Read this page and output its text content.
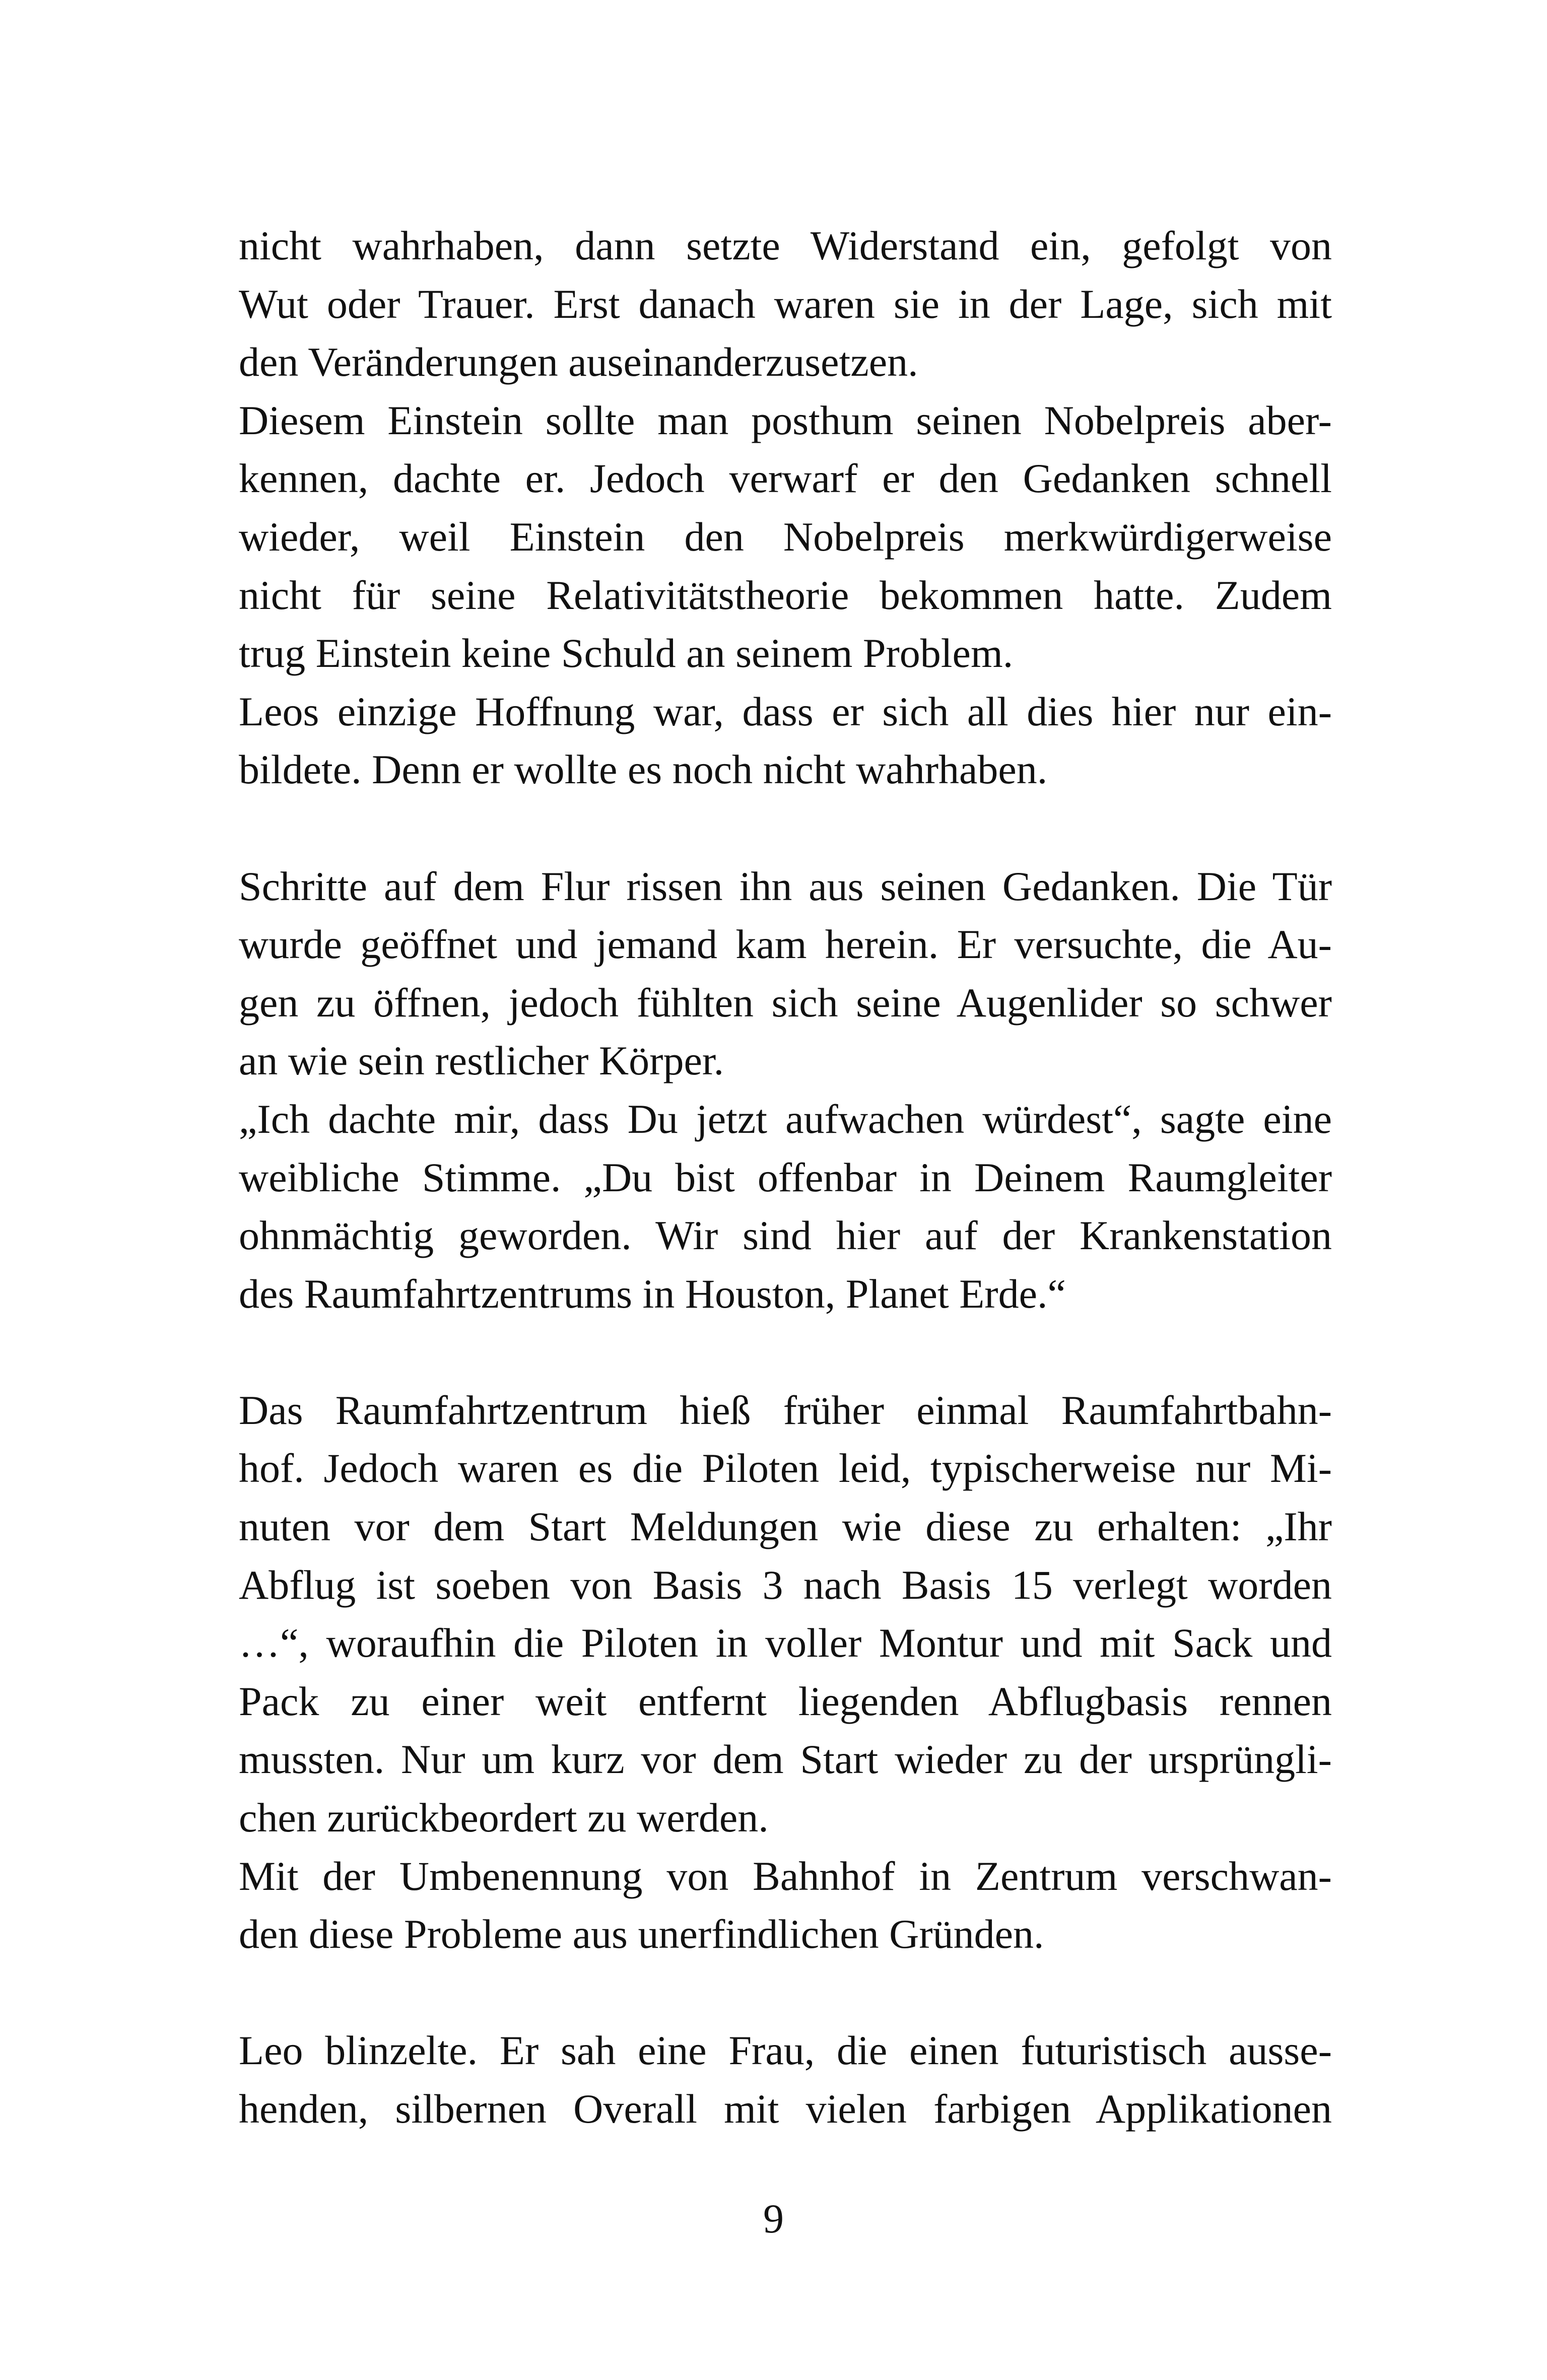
nicht wahrhaben, dann setzte Widerstand ein, gefolgt von
Wut oder Trauer. Erst danach waren sie in der Lage, sich mit
den Veränderungen auseinanderzusetzen.
Diesem Einstein sollte man posthum seinen Nobelpreis aber-
kennen, dachte er. Jedoch verwarf er den Gedanken schnell
wieder, weil Einstein den Nobelpreis merkwürdigerweise
nicht für seine Relativitätstheorie bekommen hatte. Zudem
trug Einstein keine Schuld an seinem Problem.
Leos einzige Hoffnung war, dass er sich all dies hier nur ein-
bildete. Denn er wollte es noch nicht wahrhaben.
Schritte auf dem Flur rissen ihn aus seinen Gedanken. Die Tür
wurde geöffnet und jemand kam herein. Er versuchte, die Au-
gen zu öffnen, jedoch fühlten sich seine Augenlider so schwer
an wie sein restlicher Körper.
„Ich dachte mir, dass Du jetzt aufwachen würdest“, sagte eine
weibliche Stimme. „Du bist offenbar in Deinem Raumgleiter
ohnmächtig geworden. Wir sind hier auf der Krankenstation
des Raumfahrtzentrums in Houston, Planet Erde.“
Das Raumfahrtzentrum hieß früher einmal Raumfahrtbahn-
hof. Jedoch waren es die Piloten leid, typischerweise nur Mi-
nuten vor dem Start Meldungen wie diese zu erhalten: „Ihr
Abflug ist soeben von Basis 3 nach Basis 15 verlegt worden
…“, woraufhin die Piloten in voller Montur und mit Sack und
Pack zu einer weit entfernt liegenden Abflugbasis rennen
mussten. Nur um kurz vor dem Start wieder zu der ursprüngli-
chen zurückbeordert zu werden.
Mit der Umbenennung von Bahnhof in Zentrum verschwan-
den diese Probleme aus unerfindlichen Gründen.
Leo blinzelte. Er sah eine Frau, die einen futuristisch ausse-
henden, silbernen Overall mit vielen farbigen Applikationen
9
